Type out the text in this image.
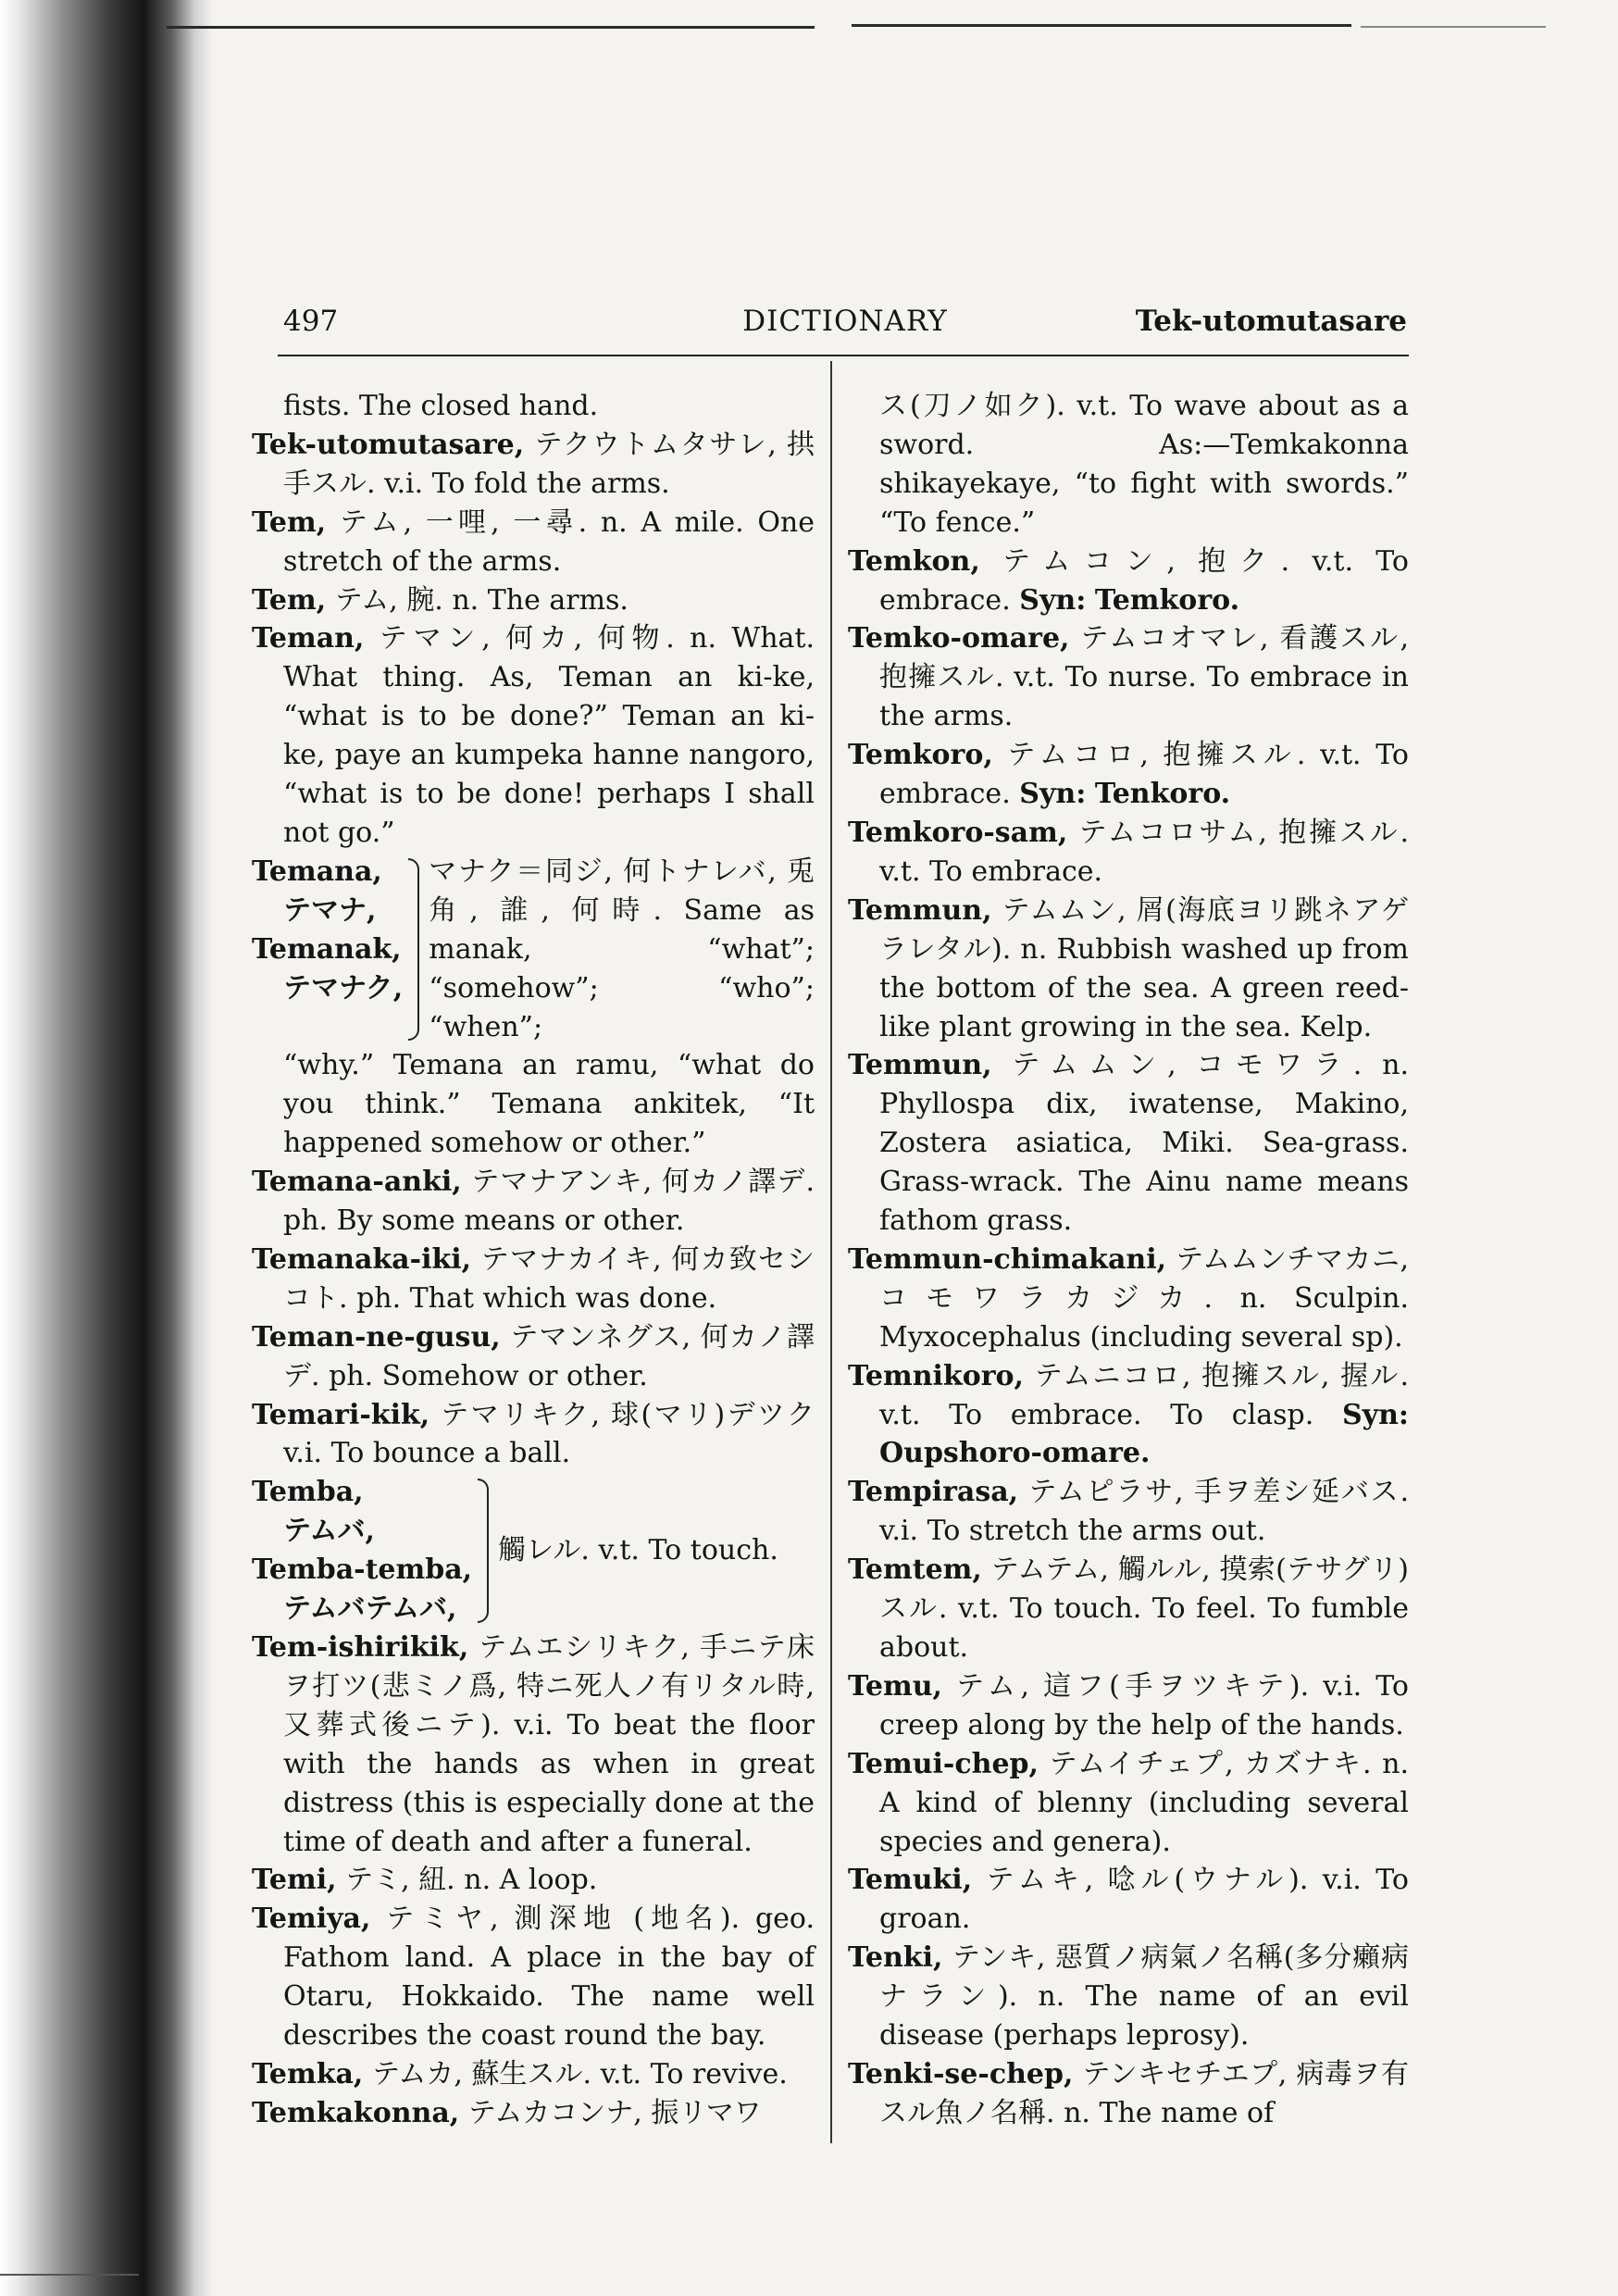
497	DICTIONARY	Tek-utomutasare
fists. The closed hand.
Tek-utomutasare, テクウトムタサレ, 拱手スル. v.i. To fold the arms.
Tem, テム, 一哩, 一尋. n. A mile. One stretch of the arms.
Tem, テム, 腕. n. The arms.
Teman, テマン, 何カ, 何物. n. What. What thing. As, Teman an ki-ke, “what is to be done?” Teman an ki-ke, paye an kumpeka hanne nangoro, “what is to be done! perhaps I shall not go.”
Temana,
テマナ,
Temanak,
テマナク,
マナク＝同ジ, 何トナレバ, 兎角, 誰, 何時. Same as manak, “what”; “somehow”; “who”; “when”;
“why.” Temana an ramu, “what do you think.” Temana ankitek, “It happened somehow or other.”
Temana-anki, テマナアンキ, 何カノ譯デ. ph. By some means or other.
Temanaka-iki, テマナカイキ, 何カ致セシコト. ph. That which was done.
Teman-ne-gusu, テマンネグス, 何カノ譯デ. ph. Somehow or other.
Temari-kik, テマリキク, 球(マリ)デツク v.i. To bounce a ball.
Temba,
テムバ,
Temba-temba,
テムバテムバ,
觸レル. v.t. To touch.
Tem-ishirikik, テムエシリキク, 手ニテ床ヲ打ツ(悲ミノ爲, 特ニ死人ノ有リタル時, 又葬式後ニテ). v.i. To beat the floor with the hands as when in great distress (this is especially done at the time of death and after a funeral.
Temi, テミ, 紐. n. A loop.
Temiya, テミヤ, 測深地 (地名). geo. Fathom land. A place in the bay of Otaru, Hokkaido. The name well describes the coast round the bay.
Temka, テムカ, 蘇生スル. v.t. To revive.
Temkakonna, テムカコンナ, 振リマワ
ス(刀ノ如ク). v.t. To wave about as a sword. As:—Temkakonna shikayekaye, “to fight with swords.” “To fence.”
Temkon, テムコン, 抱ク. v.t. To embrace. Syn: Temkoro.
Temko-omare, テムコオマレ, 看護スル, 抱擁スル. v.t. To nurse. To embrace in the arms.
Temkoro, テムコロ, 抱擁スル. v.t. To embrace. Syn: Tenkoro.
Temkoro-sam, テムコロサム, 抱擁スル. v.t. To embrace.
Temmun, テムムン, 屑(海底ヨリ跳ネアゲラレタル). n. Rubbish washed up from the bottom of the sea. A green reed-like plant growing in the sea. Kelp.
Temmun, テムムン, コモワラ. n. Phyllospa dix, iwatense, Makino, Zostera asiatica, Miki. Sea-grass. Grass-wrack. The Ainu name means fathom grass.
Temmun-chimakani, テムムンチマカニ, コモワラカジカ. n. Sculpin. Myxocephalus (including several sp).
Temnikoro, テムニコロ, 抱擁スル, 握ル. v.t. To embrace. To clasp. Syn: Oupshoro-omare.
Tempirasa, テムピラサ, 手ヲ差シ延バス. v.i. To stretch the arms out.
Temtem, テムテム, 觸ルル, 摸索(テサグリ)スル. v.t. To touch. To feel. To fumble about.
Temu, テム, 這フ(手ヲツキテ). v.i. To creep along by the help of the hands.
Temui-chep, テムイチェプ, カズナキ. n. A kind of blenny (including several species and genera).
Temuki, テムキ, 唸ル(ウナル). v.i. To groan.
Tenki, テンキ, 惡質ノ病氣ノ名稱(多分癩病ナラン). n. The name of an evil disease (perhaps leprosy).
Tenki-se-chep, テンキセチエプ, 病毒ヲ有スル魚ノ名稱. n. The name of
